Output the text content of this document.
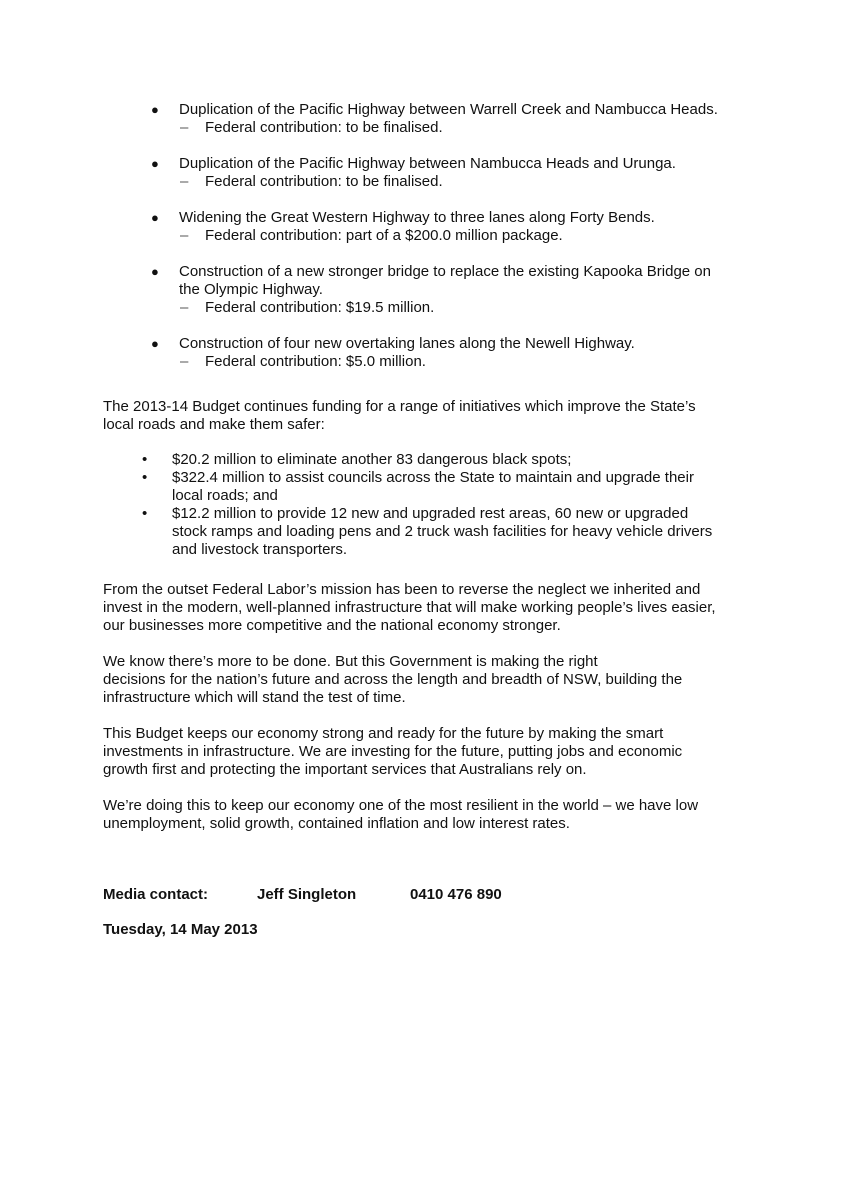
● Duplication of the Pacific Highway between Warrell Creek and Nambucca Heads.
– Federal contribution: to be finalised.
● Duplication of the Pacific Highway between Nambucca Heads and Urunga.
– Federal contribution: to be finalised.
● Widening the Great Western Highway to three lanes along Forty Bends.
– Federal contribution: part of a $200.0 million package.
● Construction of a new stronger bridge to replace the existing Kapooka Bridge on
the Olympic Highway.
– Federal contribution: $19.5 million.
● Construction of four new overtaking lanes along the Newell Highway.
– Federal contribution: $5.0 million.

The 2013-14 Budget continues funding for a range of initiatives which improve the State’s
local roads and make them safer:

• $20.2 million to eliminate another 83 dangerous black spots;
• $322.4 million to assist councils across the State to maintain and upgrade their
local roads; and
• $12.2 million to provide 12 new and upgraded rest areas, 60 new or upgraded
stock ramps and loading pens and 2 truck wash facilities for heavy vehicle drivers
and livestock transporters.

From the outset Federal Labor’s mission has been to reverse the neglect we inherited and
invest in the modern, well-planned infrastructure that will make working people’s lives easier,
our businesses more competitive and the national economy stronger.

We know there’s more to be done. But this Government is making the right
decisions for the nation’s future and across the length and breadth of NSW, building the
infrastructure which will stand the test of time.

This Budget keeps our economy strong and ready for the future by making the smart
investments in infrastructure. We are investing for the future, putting jobs and economic
growth first and protecting the important services that Australians rely on.

We’re doing this to keep our economy one of the most resilient in the world – we have low
unemployment, solid growth, contained inflation and low interest rates.

Media contact:	Jeff Singleton	0410 476 890
Tuesday, 14 May 2013
